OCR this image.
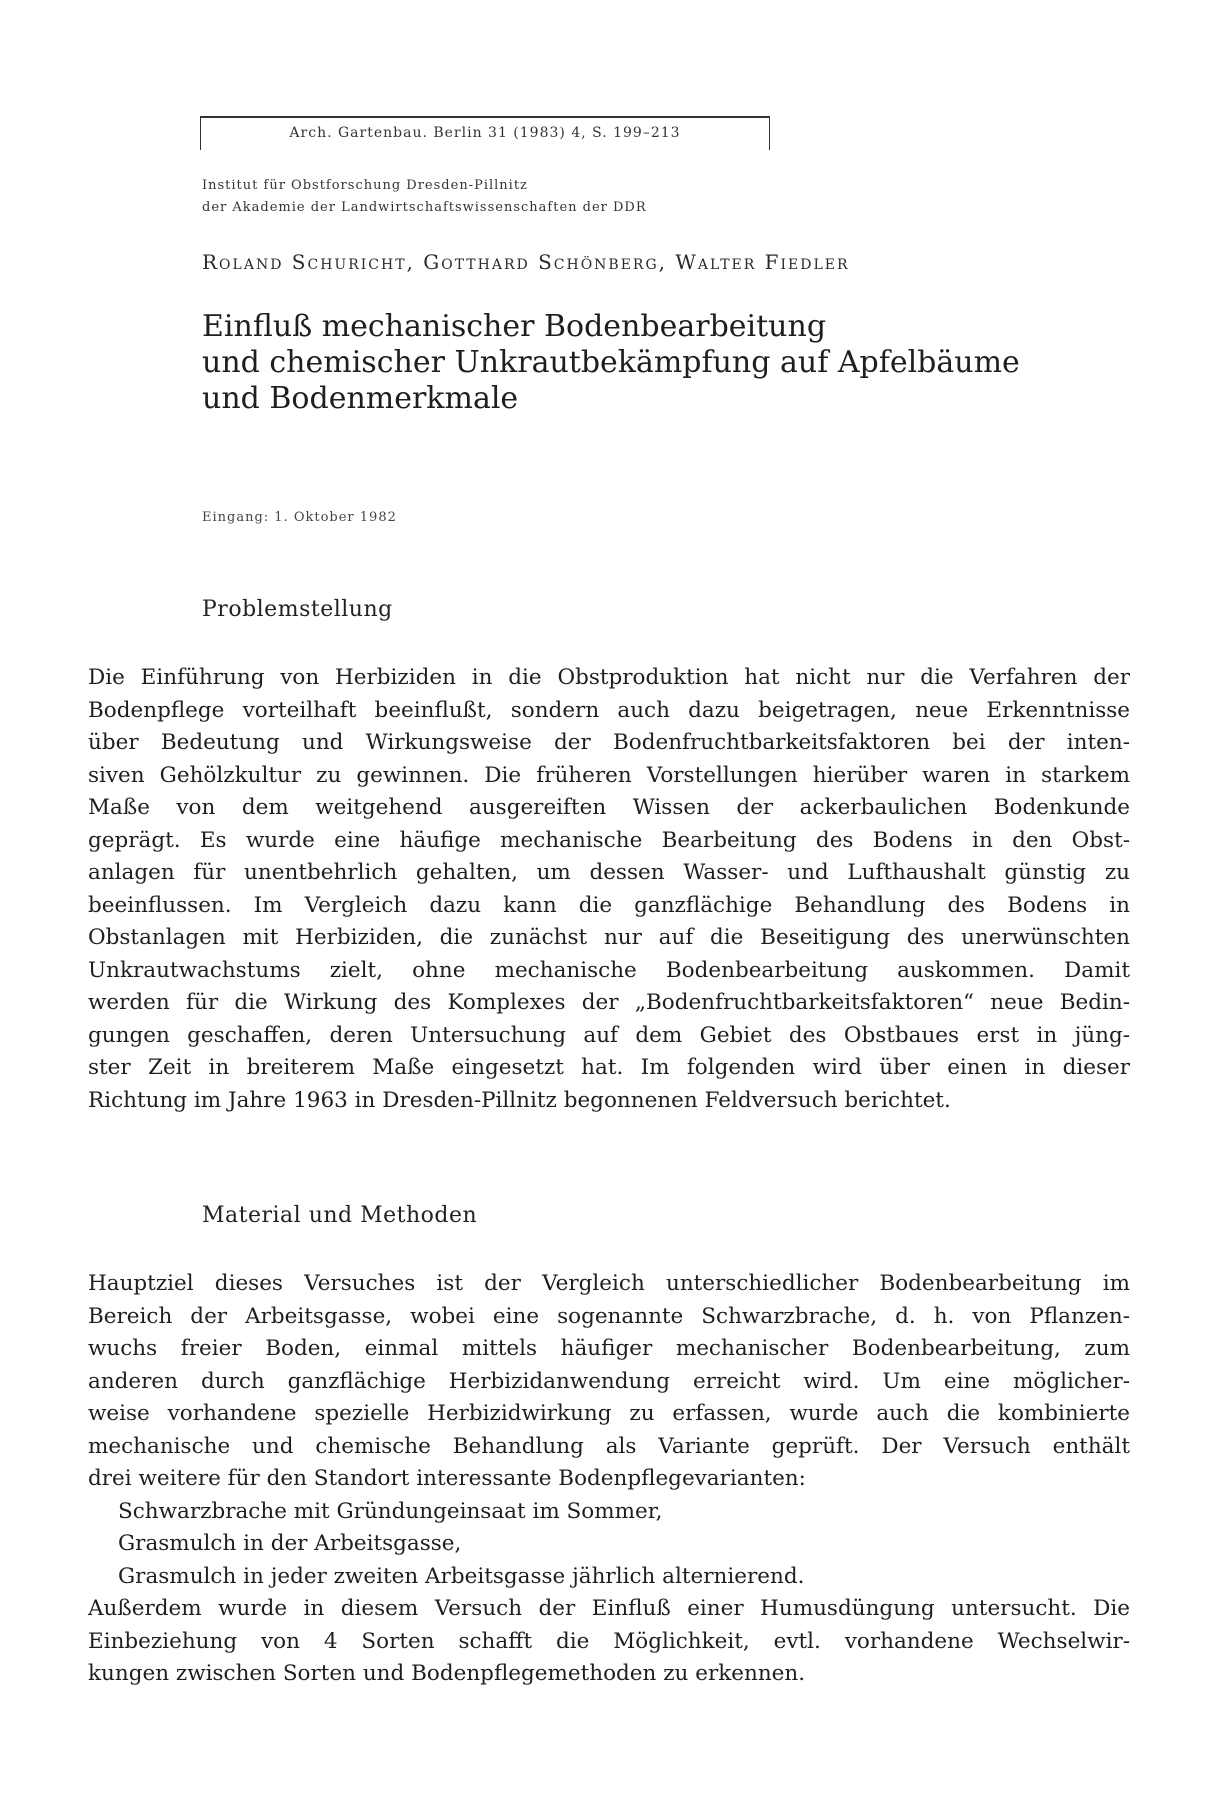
Arch. Gartenbau. Berlin 31 (1983) 4, S. 199–213
Institut für Obstforschung Dresden-Pillnitz
der Akademie der Landwirtschaftswissenschaften der DDR
Roland Schuricht, Gotthard Schönberg, Walter Fiedler
Einfluß mechanischer Bodenbearbeitung
und chemischer Unkrautbekämpfung auf Apfelbäume
und Bodenmerkmale
Eingang: 1. Oktober 1982
Problemstellung
Die Einführung von Herbiziden in die Obstproduktion hat nicht nur die Verfahren der
Bodenpflege vorteilhaft beeinflußt, sondern auch dazu beigetragen, neue Erkenntnisse
über Bedeutung und Wirkungsweise der Bodenfruchtbarkeitsfaktoren bei der inten-
siven Gehölzkultur zu gewinnen. Die früheren Vorstellungen hierüber waren in starkem
Maße von dem weitgehend ausgereiften Wissen der ackerbaulichen Bodenkunde
geprägt. Es wurde eine häufige mechanische Bearbeitung des Bodens in den Obst-
anlagen für unentbehrlich gehalten, um dessen Wasser- und Lufthaushalt günstig zu
beeinflussen. Im Vergleich dazu kann die ganzflächige Behandlung des Bodens in
Obstanlagen mit Herbiziden, die zunächst nur auf die Beseitigung des unerwünschten
Unkrautwachstums zielt, ohne mechanische Bodenbearbeitung auskommen. Damit
werden für die Wirkung des Komplexes der „Bodenfruchtbarkeitsfaktoren“ neue Bedin-
gungen geschaffen, deren Untersuchung auf dem Gebiet des Obstbaues erst in jüng-
ster Zeit in breiterem Maße eingesetzt hat. Im folgenden wird über einen in dieser
Richtung im Jahre 1963 in Dresden-Pillnitz begonnenen Feldversuch berichtet.
Material und Methoden
Hauptziel dieses Versuches ist der Vergleich unterschiedlicher Bodenbearbeitung im
Bereich der Arbeitsgasse, wobei eine sogenannte Schwarzbrache, d. h. von Pflanzen-
wuchs freier Boden, einmal mittels häufiger mechanischer Bodenbearbeitung, zum
anderen durch ganzflächige Herbizidanwendung erreicht wird. Um eine möglicher-
weise vorhandene spezielle Herbizidwirkung zu erfassen, wurde auch die kombinierte
mechanische und chemische Behandlung als Variante geprüft. Der Versuch enthält
drei weitere für den Standort interessante Bodenpflegevarianten:
Schwarzbrache mit Gründungeinsaat im Sommer,
Grasmulch in der Arbeitsgasse,
Grasmulch in jeder zweiten Arbeitsgasse jährlich alternierend.
Außerdem wurde in diesem Versuch der Einfluß einer Humusdüngung untersucht. Die
Einbeziehung von 4 Sorten schafft die Möglichkeit, evtl. vorhandene Wechselwir-
kungen zwischen Sorten und Bodenpflegemethoden zu erkennen.
